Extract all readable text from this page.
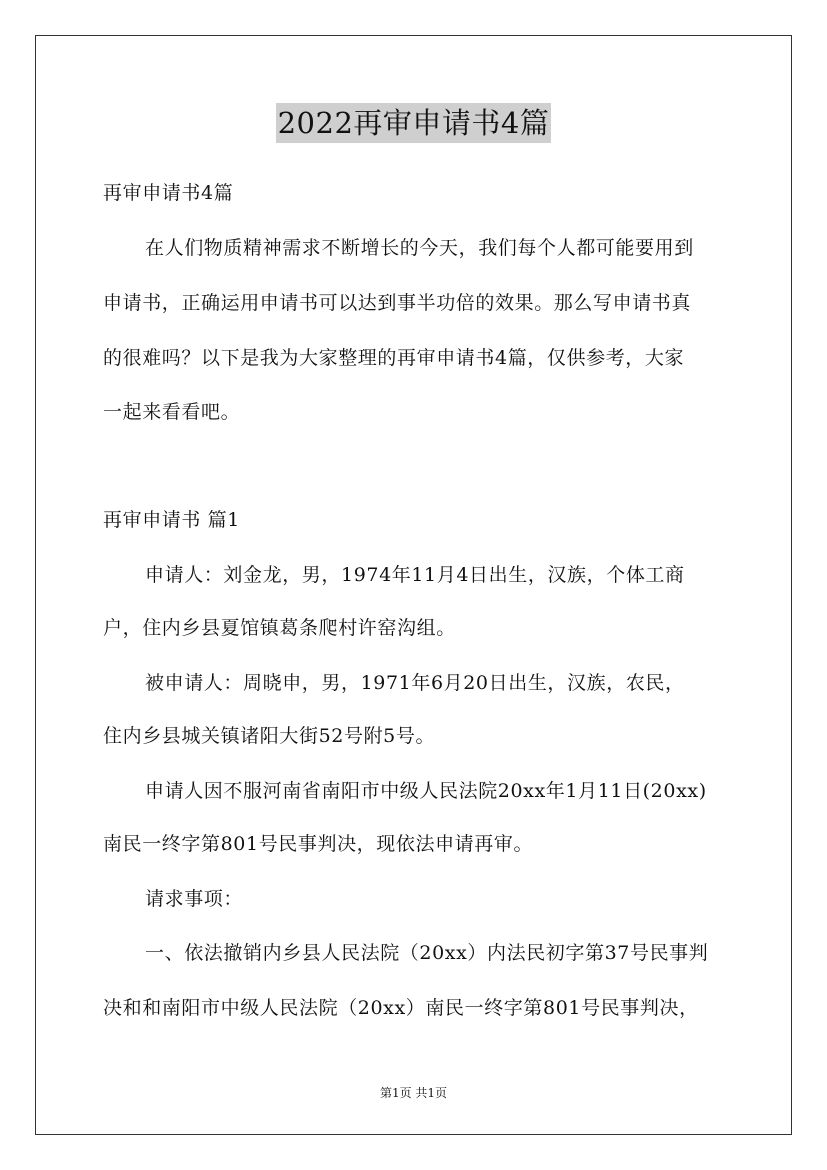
2022再审申请书4篇
再审申请书4篇
在人们物质精神需求不断增长的今天，我们每个人都可能要用到
申请书，正确运用申请书可以达到事半功倍的效果。那么写申请书真
的很难吗？以下是我为大家整理的再审申请书4篇，仅供参考，大家
一起来看看吧。
再审申请书 篇1
申请人：刘金龙，男，1974年11月4日出生，汉族，个体工商
户，住内乡县夏馆镇葛条爬村许窑沟组。
被申请人：周晓申，男，1971年6月20日出生，汉族，农民，
住内乡县城关镇诸阳大街52号附5号。
申请人因不服河南省南阳市中级人民法院20xx年1月11日(20xx)
南民一终字第801号民事判决，现依法申请再审。
请求事项：
一、依法撤销内乡县人民法院（20xx）内法民初字第37号民事判
决和和南阳市中级人民法院（20xx）南民一终字第801号民事判决，
第1页 共1页
